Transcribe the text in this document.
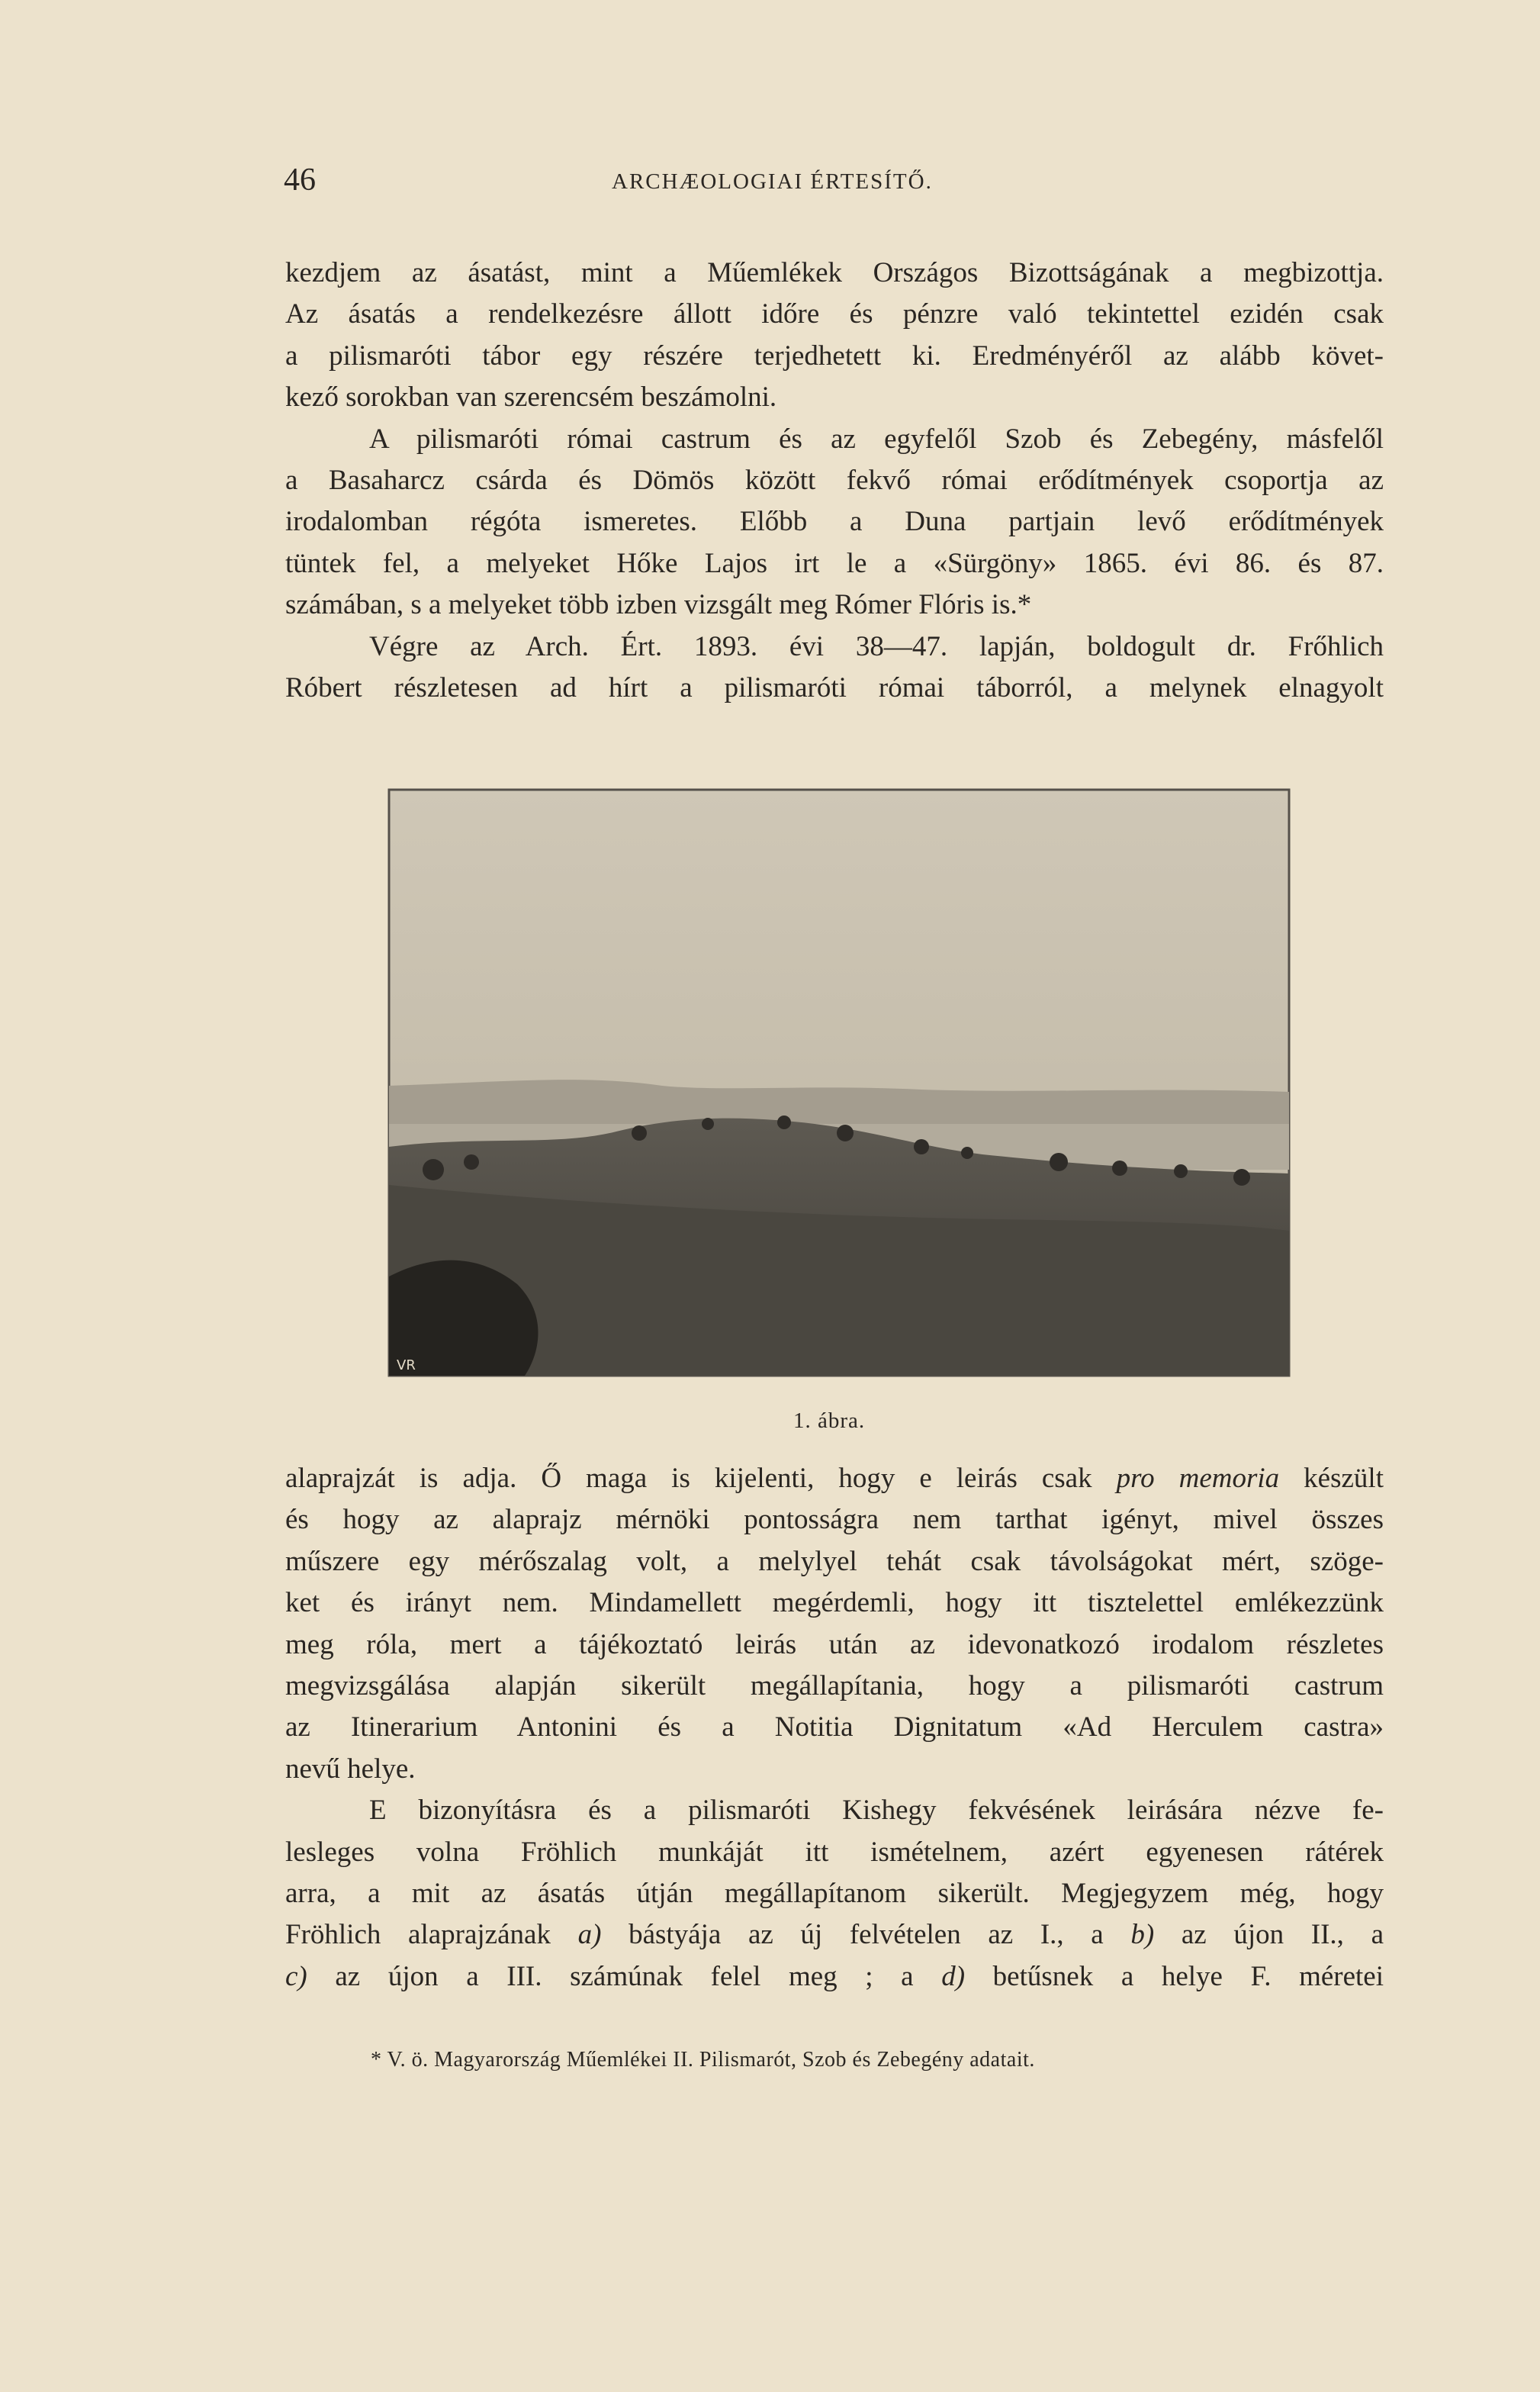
46	ARCHÆOLOGIAI ÉRTESÍTŐ.

kezdjem az ásatást, mint a Műemlékek Országos Bizottságának a megbizottja.
Az ásatás a rendelkezésre állott időre és pénzre való tekintettel ezidén csak
a pilismaróti tábor egy részére terjedhetett ki. Eredményéről az alább követ-

kező sorokban van szerencsém beszámolni.

A pilismaróti római castrum és az egyfelől Szob és Zebegény, másfelől
a Basaharcz csárda és Dömös között fekvő római erődítmények csoportja az
irodalomban régóta ismeretes. Előbb a Duna partjain levő erődítmények
tüntek fel, a melyeket Hőke Lajos irt le a «Sürgöny» 1865. évi 86. és 87.

számában, s a melyeket több izben vizsgált meg Rómer Flóris is.*

Végre az Arch. Ért. 1893. évi 38—47. lapján, boldogult dr. Frőhlich
Róbert részletesen ad hírt a pilismaróti római táborról, a melynek elnagyolt

VR
1. ábra.

alaprajzát is adja. Ő maga is kijelenti, hogy e leirás csak pro memoria készült
és hogy az alaprajz mérnöki pontosságra nem tarthat igényt, mivel összes
műszere egy mérőszalag volt, a melylyel tehát csak távolságokat mért, szöge-
ket és irányt nem. Mindamellett megérdemli, hogy itt tisztelettel emlékezzünk
meg róla, mert a tájékoztató leirás után az idevonatkozó irodalom részletes
megvizsgálása alapján sikerült megállapítania, hogy a pilismaróti castrum
az Itinerarium Antonini és a Notitia Dignitatum «Ad Herculem castra»

nevű helye.

E bizonyításra és a pilismaróti Kishegy fekvésének leirására nézve fe-
lesleges volna Fröhlich munkáját itt ismételnem, azért egyenesen rátérek
arra, a mit az ásatás útján megállapítanom sikerült. Megjegyzem még, hogy
Fröhlich alaprajzának a) bástyája az új felvételen az I., a b) az újon II., a
c) az újon a III. számúnak felel meg ; a d) betűsnek a helye F. méretei

* V. ö. Magyarország Műemlékei II. Pilismarót, Szob és Zebegény adatait.
